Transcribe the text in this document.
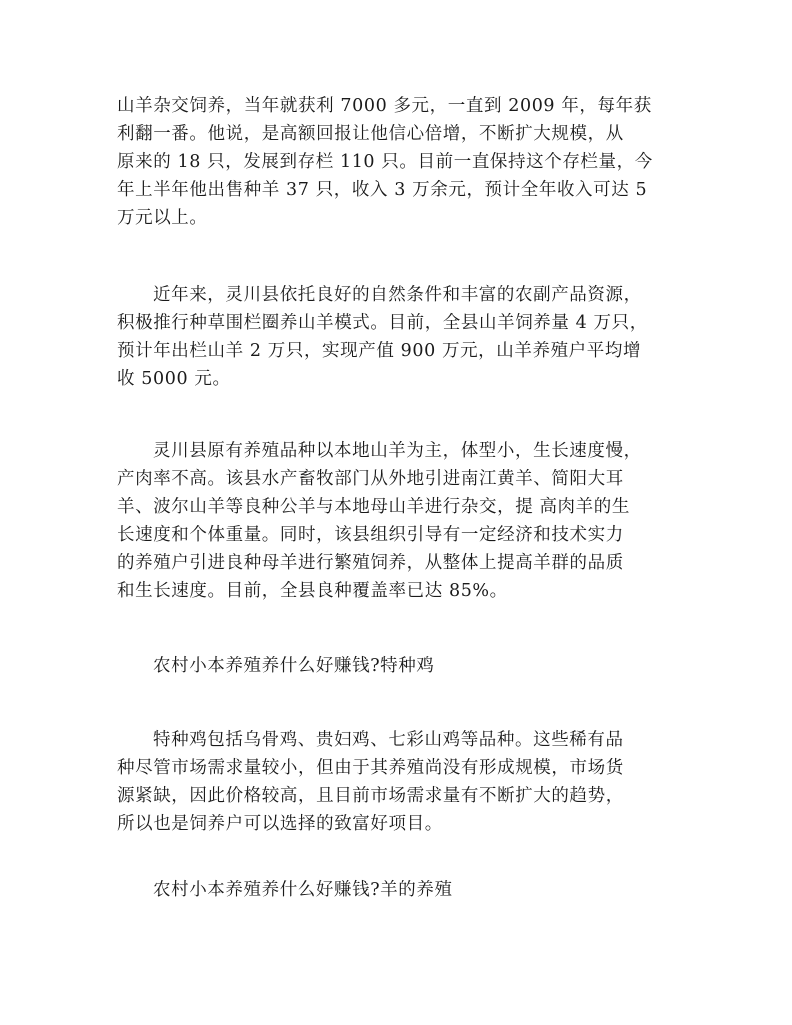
山羊杂交饲养，当年就获利 7000 多元，一直到 2009 年，每年获
利翻一番。他说，是高额回报让他信心倍增，不断扩大规模，从
原来的 18 只，发展到存栏 110 只。目前一直保持这个存栏量，今
年上半年他出售种羊 37 只，收入 3 万余元，预计全年收入可达 5
万元以上。

近年来，灵川县依托良好的自然条件和丰富的农副产品资源，
积极推行种草围栏圈养山羊模式。目前，全县山羊饲养量 4 万只，
预计年出栏山羊 2 万只，实现产值 900 万元，山羊养殖户平均增
收 5000 元。

灵川县原有养殖品种以本地山羊为主，体型小，生长速度慢，
产肉率不高。该县水产畜牧部门从外地引进南江黄羊、简阳大耳
羊、波尔山羊等良种公羊与本地母山羊进行杂交，提 高肉羊的生
长速度和个体重量。同时，该县组织引导有一定经济和技术实力
的养殖户引进良种母羊进行繁殖饲养，从整体上提高羊群的品质
和生长速度。目前，全县良种覆盖率已达 85%。

农村小本养殖养什么好赚钱?特种鸡

特种鸡包括乌骨鸡、贵妇鸡、七彩山鸡等品种。这些稀有品
种尽管市场需求量较小，但由于其养殖尚没有形成规模，市场货
源紧缺，因此价格较高，且目前市场需求量有不断扩大的趋势，
所以也是饲养户可以选择的致富好项目。

农村小本养殖养什么好赚钱?羊的养殖
